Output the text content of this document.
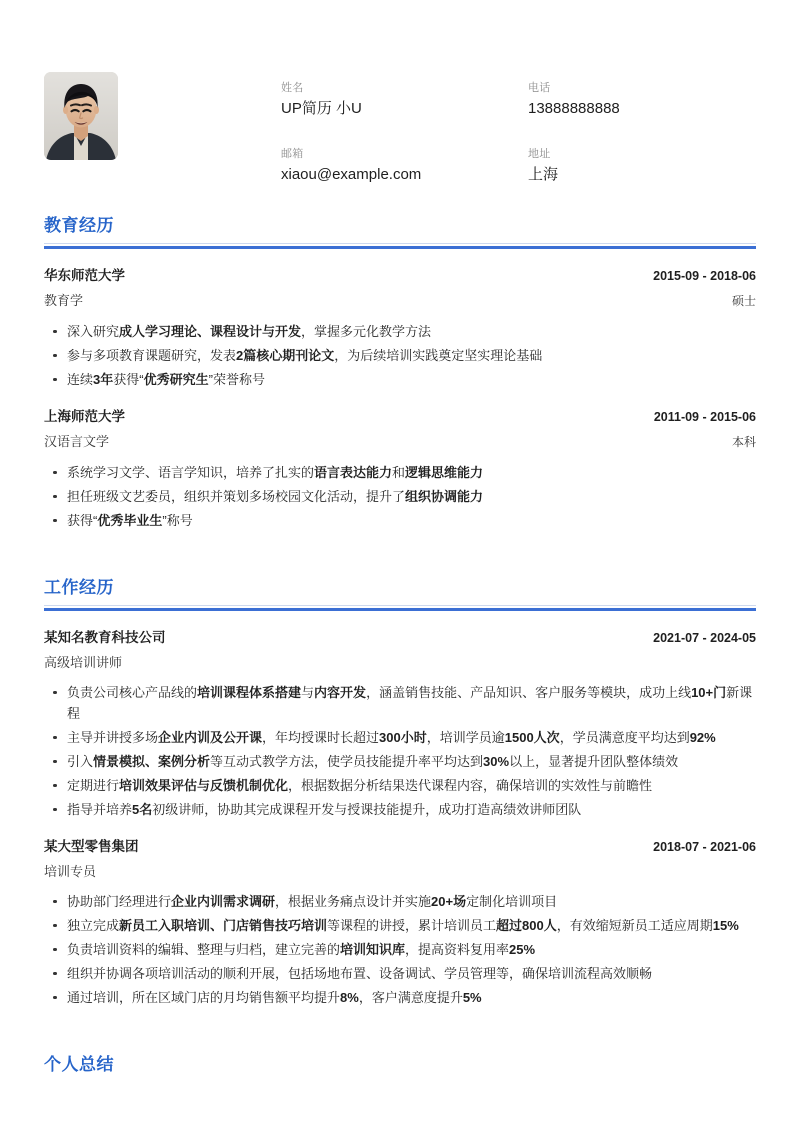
姓名
UP简历 小U
电话
13888888888
邮箱
xiaou@example.com
地址
上海
教育经历
华东师范大学	2015-09 - 2018-06
教育学	硕士
深入研究成人学习理论、课程设计与开发，掌握多元化教学方法
参与多项教育课题研究，发表2篇核心期刊论文，为后续培训实践奠定坚实理论基础
连续3年获得“优秀研究生”荣誉称号
上海师范大学	2011-09 - 2015-06
汉语言文学	本科
系统学习文学、语言学知识，培养了扎实的语言表达能力和逻辑思维能力
担任班级文艺委员，组织并策划多场校园文化活动，提升了组织协调能力
获得“优秀毕业生”称号
工作经历
某知名教育科技公司	2021-07 - 2024-05
高级培训讲师
负责公司核心产品线的培训课程体系搭建与内容开发，涵盖销售技能、产品知识、客户服务等模块，成功上线10+门新课程
主导并讲授多场企业内训及公开课，年均授课时长超过300小时，培训学员逾1500人次，学员满意度平均达到92%
引入情景模拟、案例分析等互动式教学方法，使学员技能提升率平均达到30%以上，显著提升团队整体绩效
定期进行培训效果评估与反馈机制优化，根据数据分析结果迭代课程内容，确保培训的实效性与前瞻性
指导并培养5名初级讲师，协助其完成课程开发与授课技能提升，成功打造高绩效讲师团队
某大型零售集团	2018-07 - 2021-06
培训专员
协助部门经理进行企业内训需求调研，根据业务痛点设计并实施20+场定制化培训项目
独立完成新员工入职培训、门店销售技巧培训等课程的讲授，累计培训员工超过800人，有效缩短新员工适应周期15%
负责培训资料的编辑、整理与归档，建立完善的培训知识库，提高资料复用率25%
组织并协调各项培训活动的顺利开展，包括场地布置、设备调试、学员管理等，确保培训流程高效顺畅
通过培训，所在区域门店的月均销售额平均提升8%，客户满意度提升5%
个人总结
